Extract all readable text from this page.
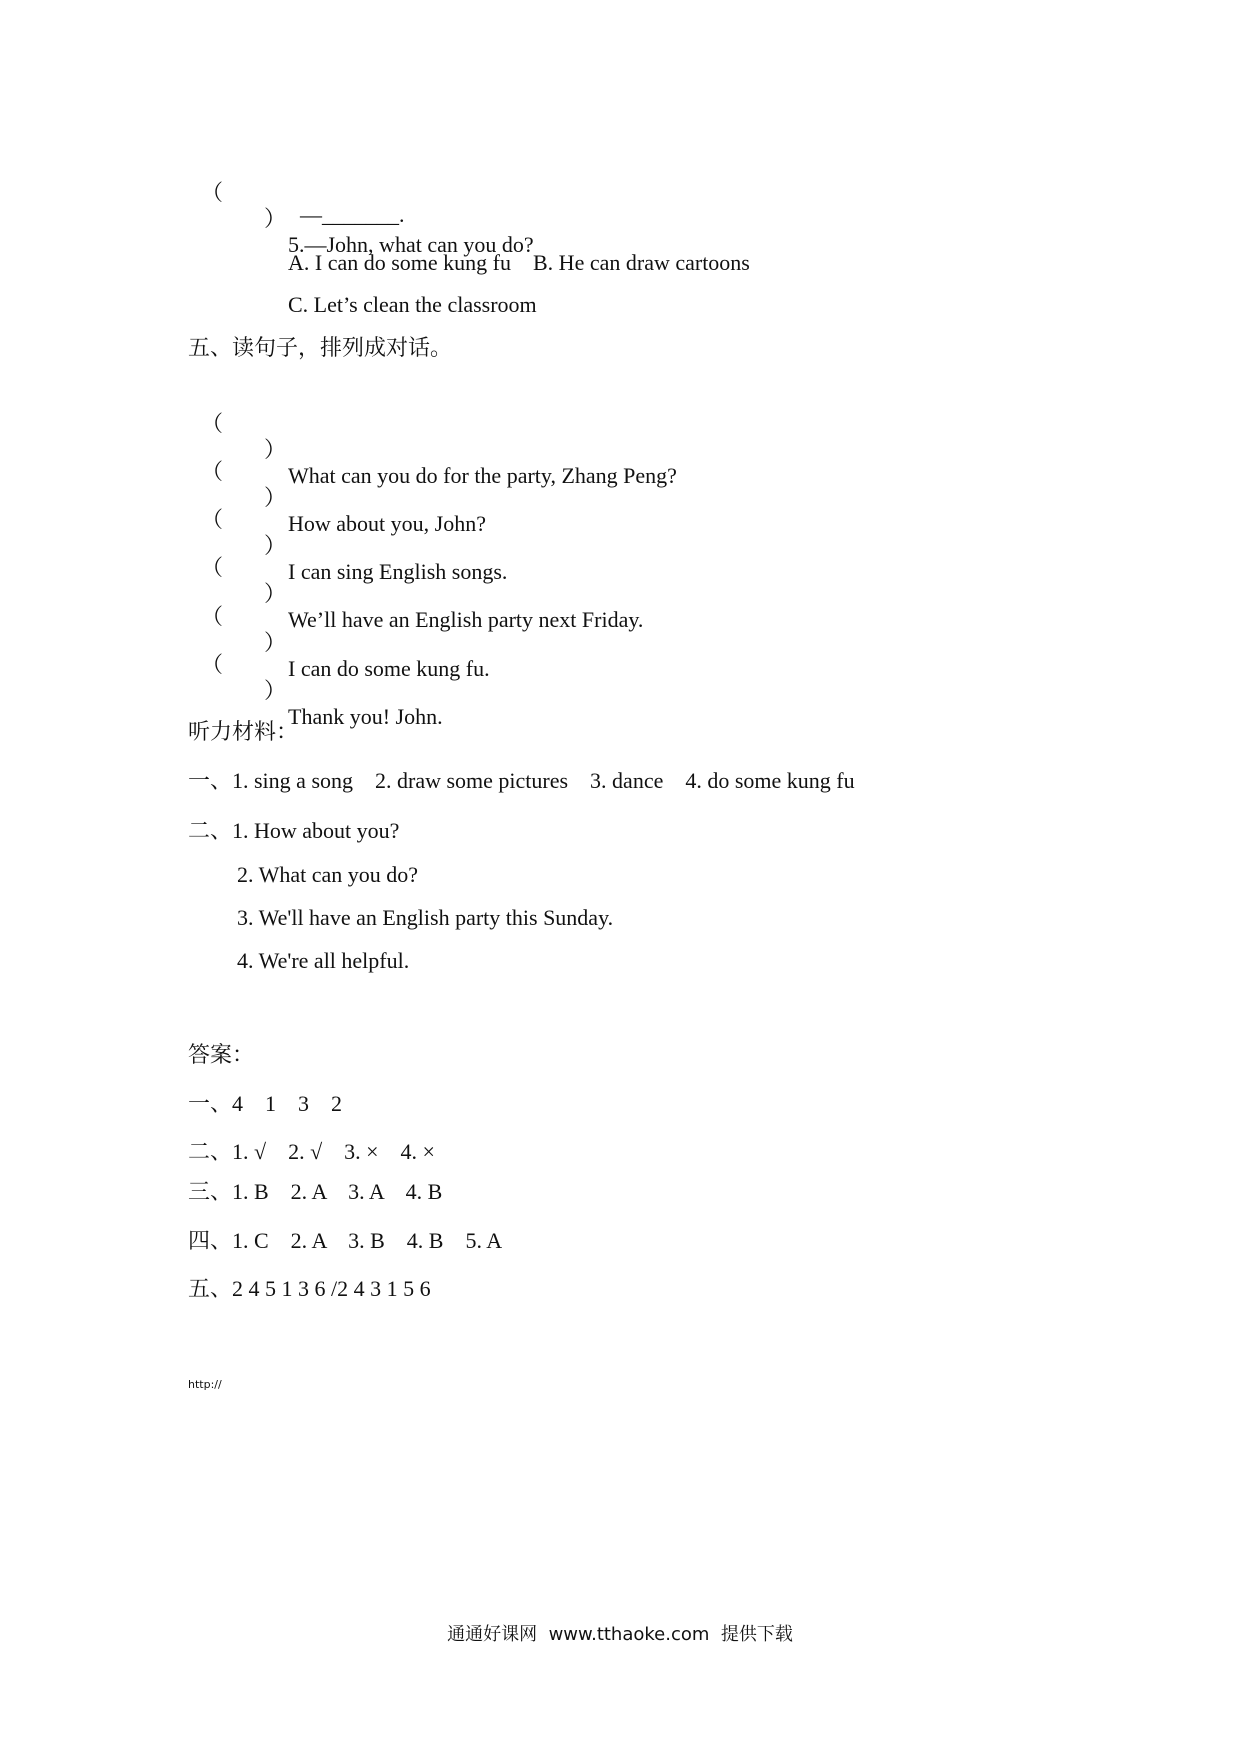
（

）

5.—John, what can you do?

—_______.
A. I can do some kung fu    B. He can draw cartoons
C. Let’s clean the classroom
五、读句子，排列成对话。

（

）

What can you do for the party, Zhang Peng?

（

）

How about you, John?

（

）

I can sing English songs.

（

）

We’ll have an English party next Friday.

（

）

I can do some kung fu.

（

）

Thank you! John.

听力材料：
一、1. sing a song    2. draw some pictures    3. dance    4. do some kung fu
二、1. How about you?
2. What can you do?
3. We'll have an English party this Sunday.
4. We're all helpful.
答案：
一、4    1    3    2
二、1. √    2. √    3. ×    4. ×
三、1. B    2. A    3. A    4. B
四、1. C    2. A    3. B    4. B    5. A
五、2 4 5 1 3 6 /2 4 3 1 5 6
http://
通通好课网  www.tthaoke.com  提供下载
